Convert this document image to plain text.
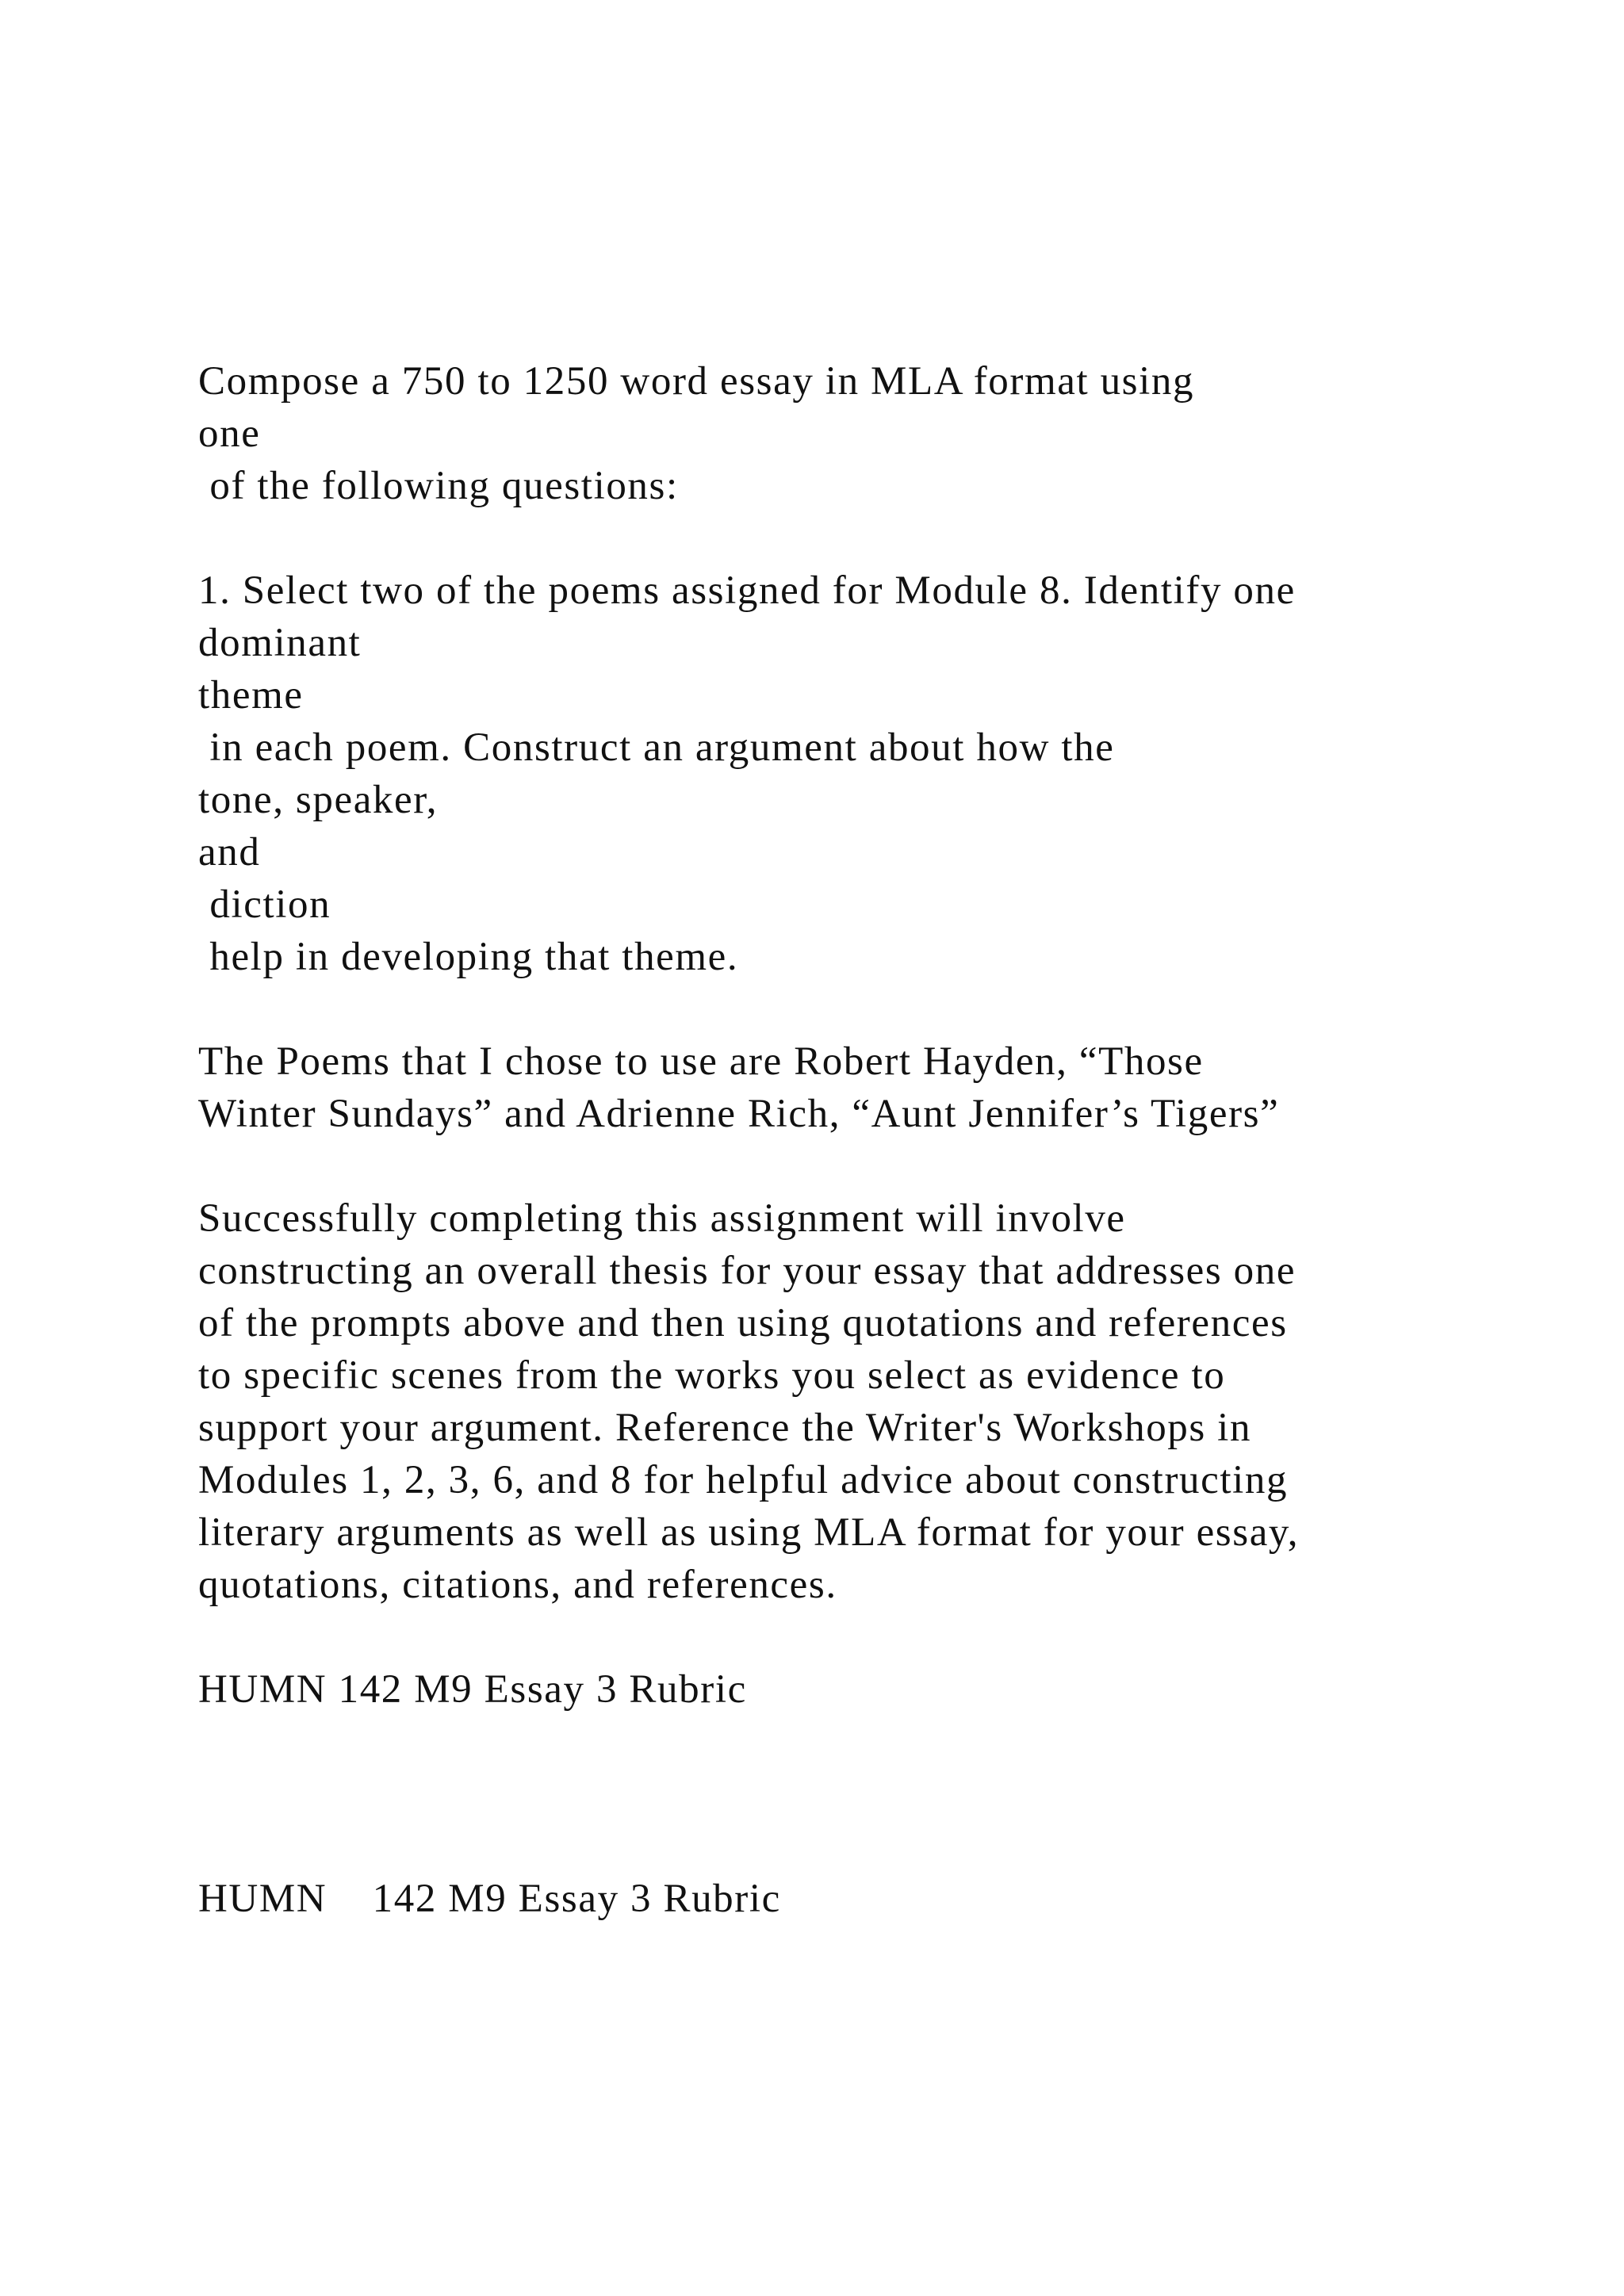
Compose a 750 to 1250 word essay in MLA format using
one
of the following questions:
1. Select two of the poems assigned for Module 8. Identify one
dominant
theme
in each poem. Construct an argument about how the
tone, speaker,
and
diction
help in developing that theme.
The Poems that I chose to use are Robert Hayden, “Those
Winter Sundays” and Adrienne Rich, “Aunt Jennifer’s Tigers”
Successfully completing this assignment will involve
constructing an overall thesis for your essay that addresses one
of the prompts above and then using quotations and references
to specific scenes from the works you select as evidence to
support your argument. Reference the Writer's Workshops in
Modules 1, 2, 3, 6, and 8 for helpful advice about constructing
literary arguments as well as using MLA format for your essay,
quotations, citations, and references.
HUMN 142 M9 Essay 3 Rubric
HUMN    142 M9 Essay 3 Rubric
